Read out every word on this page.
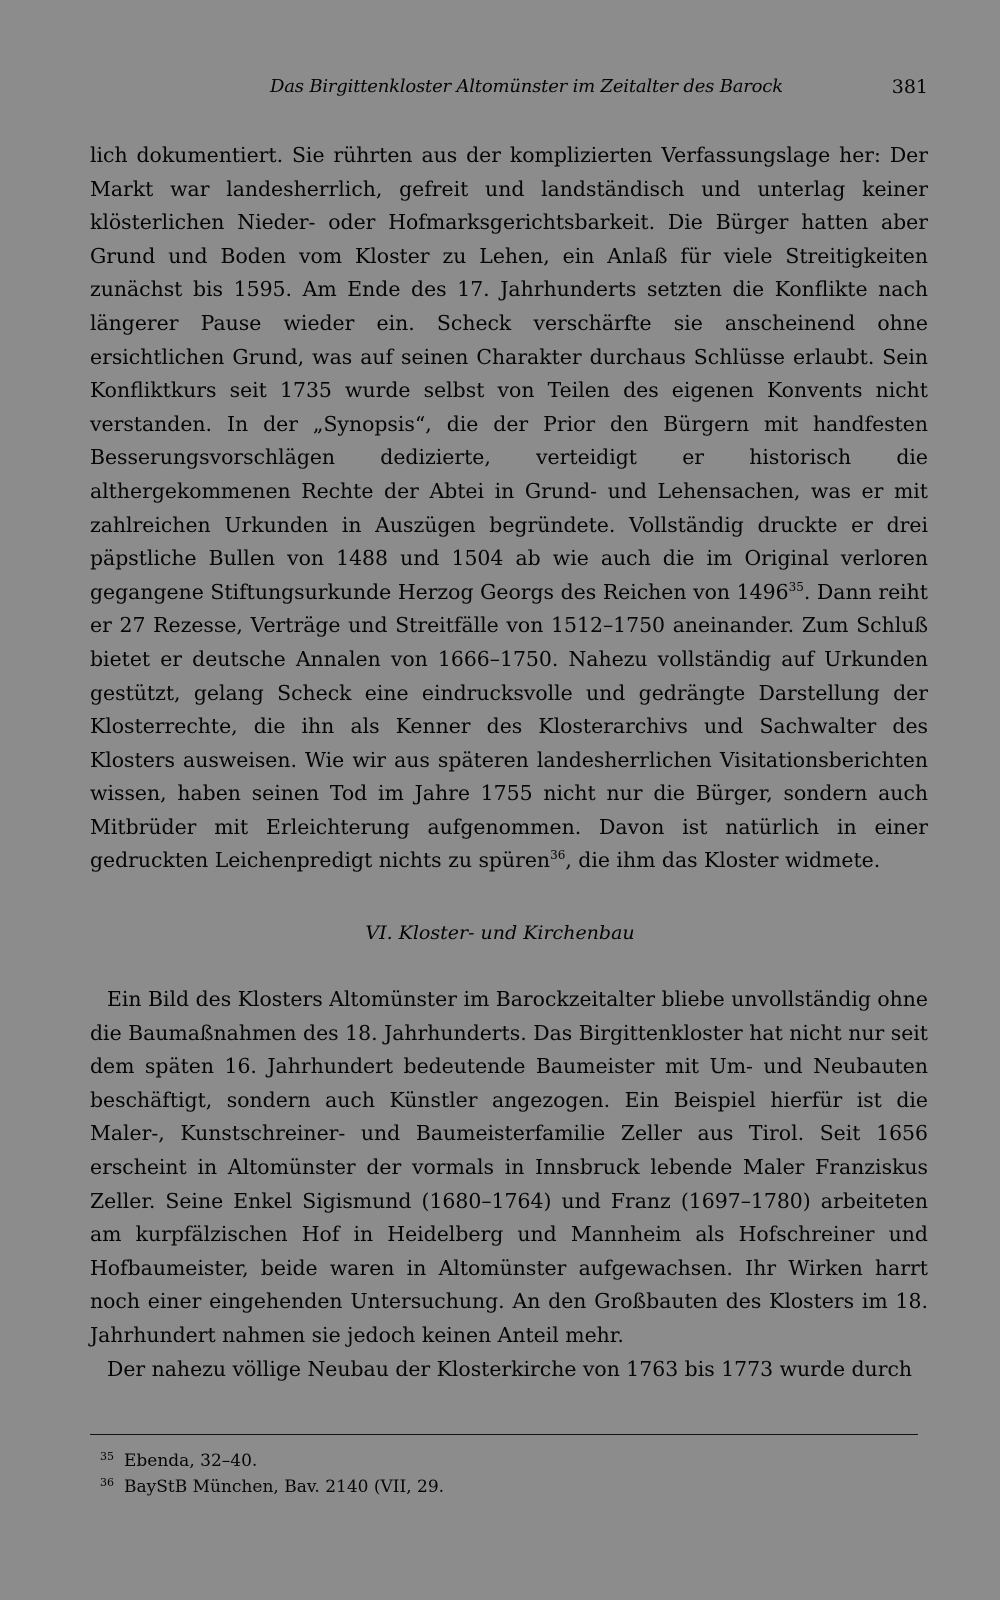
Das Birgittenkloster Altomünster im Zeitalter des Barock	381

lich dokumentiert. Sie rührten aus der komplizierten Verfassungslage her: Der Markt war landesherrlich, gefreit und landständisch und unterlag keiner klösterlichen Nieder- oder Hofmarksgerichtsbarkeit. Die Bürger hatten aber Grund und Boden vom Kloster zu Lehen, ein Anlaß für viele Streitigkeiten zunächst bis 1595. Am Ende des 17. Jahrhunderts setzten die Konflikte nach längerer Pause wieder ein. Scheck verschärfte sie anscheinend ohne ersichtlichen Grund, was auf seinen Charakter durchaus Schlüsse erlaubt. Sein Konfliktkurs seit 1735 wurde selbst von Teilen des eigenen Konvents nicht verstanden. In der „Synopsis“, die der Prior den Bürgern mit handfesten Besserungsvorschlägen dedizierte, verteidigt er historisch die althergekommenen Rechte der Abtei in Grund- und Lehensachen, was er mit zahlreichen Urkunden in Auszügen begründete. Vollständig druckte er drei päpstliche Bullen von 1488 und 1504 ab wie auch die im Original verloren gegangene Stiftungsurkunde Herzog Georgs des Reichen von 1496$^{35}$. Dann reiht er 27 Rezesse, Verträge und Streitfälle von 1512–1750 aneinander. Zum Schluß bietet er deutsche Annalen von 1666–1750. Nahezu vollständig auf Urkunden gestützt, gelang Scheck eine eindrucksvolle und gedrängte Darstellung der Klosterrechte, die ihn als Kenner des Klosterarchivs und Sachwalter des Klosters ausweisen. Wie wir aus späteren landesherrlichen Visitationsberichten wissen, haben seinen Tod im Jahre 1755 nicht nur die Bürger, sondern auch Mitbrüder mit Erleichterung aufgenommen. Davon ist natürlich in einer gedruckten Leichenpredigt nichts zu spüren$^{36}$, die ihm das Kloster widmete.

VI. Kloster- und Kirchenbau

Ein Bild des Klosters Altomünster im Barockzeitalter bliebe unvollständig ohne die Baumaßnahmen des 18. Jahrhunderts. Das Birgittenkloster hat nicht nur seit dem späten 16. Jahrhundert bedeutende Baumeister mit Um- und Neubauten beschäftigt, sondern auch Künstler angezogen. Ein Beispiel hierfür ist die Maler-, Kunstschreiner- und Baumeisterfamilie Zeller aus Tirol. Seit 1656 erscheint in Altomünster der vormals in Innsbruck lebende Maler Franziskus Zeller. Seine Enkel Sigismund (1680–1764) und Franz (1697–1780) arbeiteten am kurpfälzischen Hof in Heidelberg und Mannheim als Hofschreiner und Hofbaumeister, beide waren in Altomünster aufgewachsen. Ihr Wirken harrt noch einer eingehenden Untersuchung. An den Großbauten des Klosters im 18. Jahrhundert nahmen sie jedoch keinen Anteil mehr.

Der nahezu völlige Neubau der Klosterkirche von 1763 bis 1773 wurde durch

35 Ebenda, 32–40.
36 BayStB München, Bav. 2140 (VII, 29.
